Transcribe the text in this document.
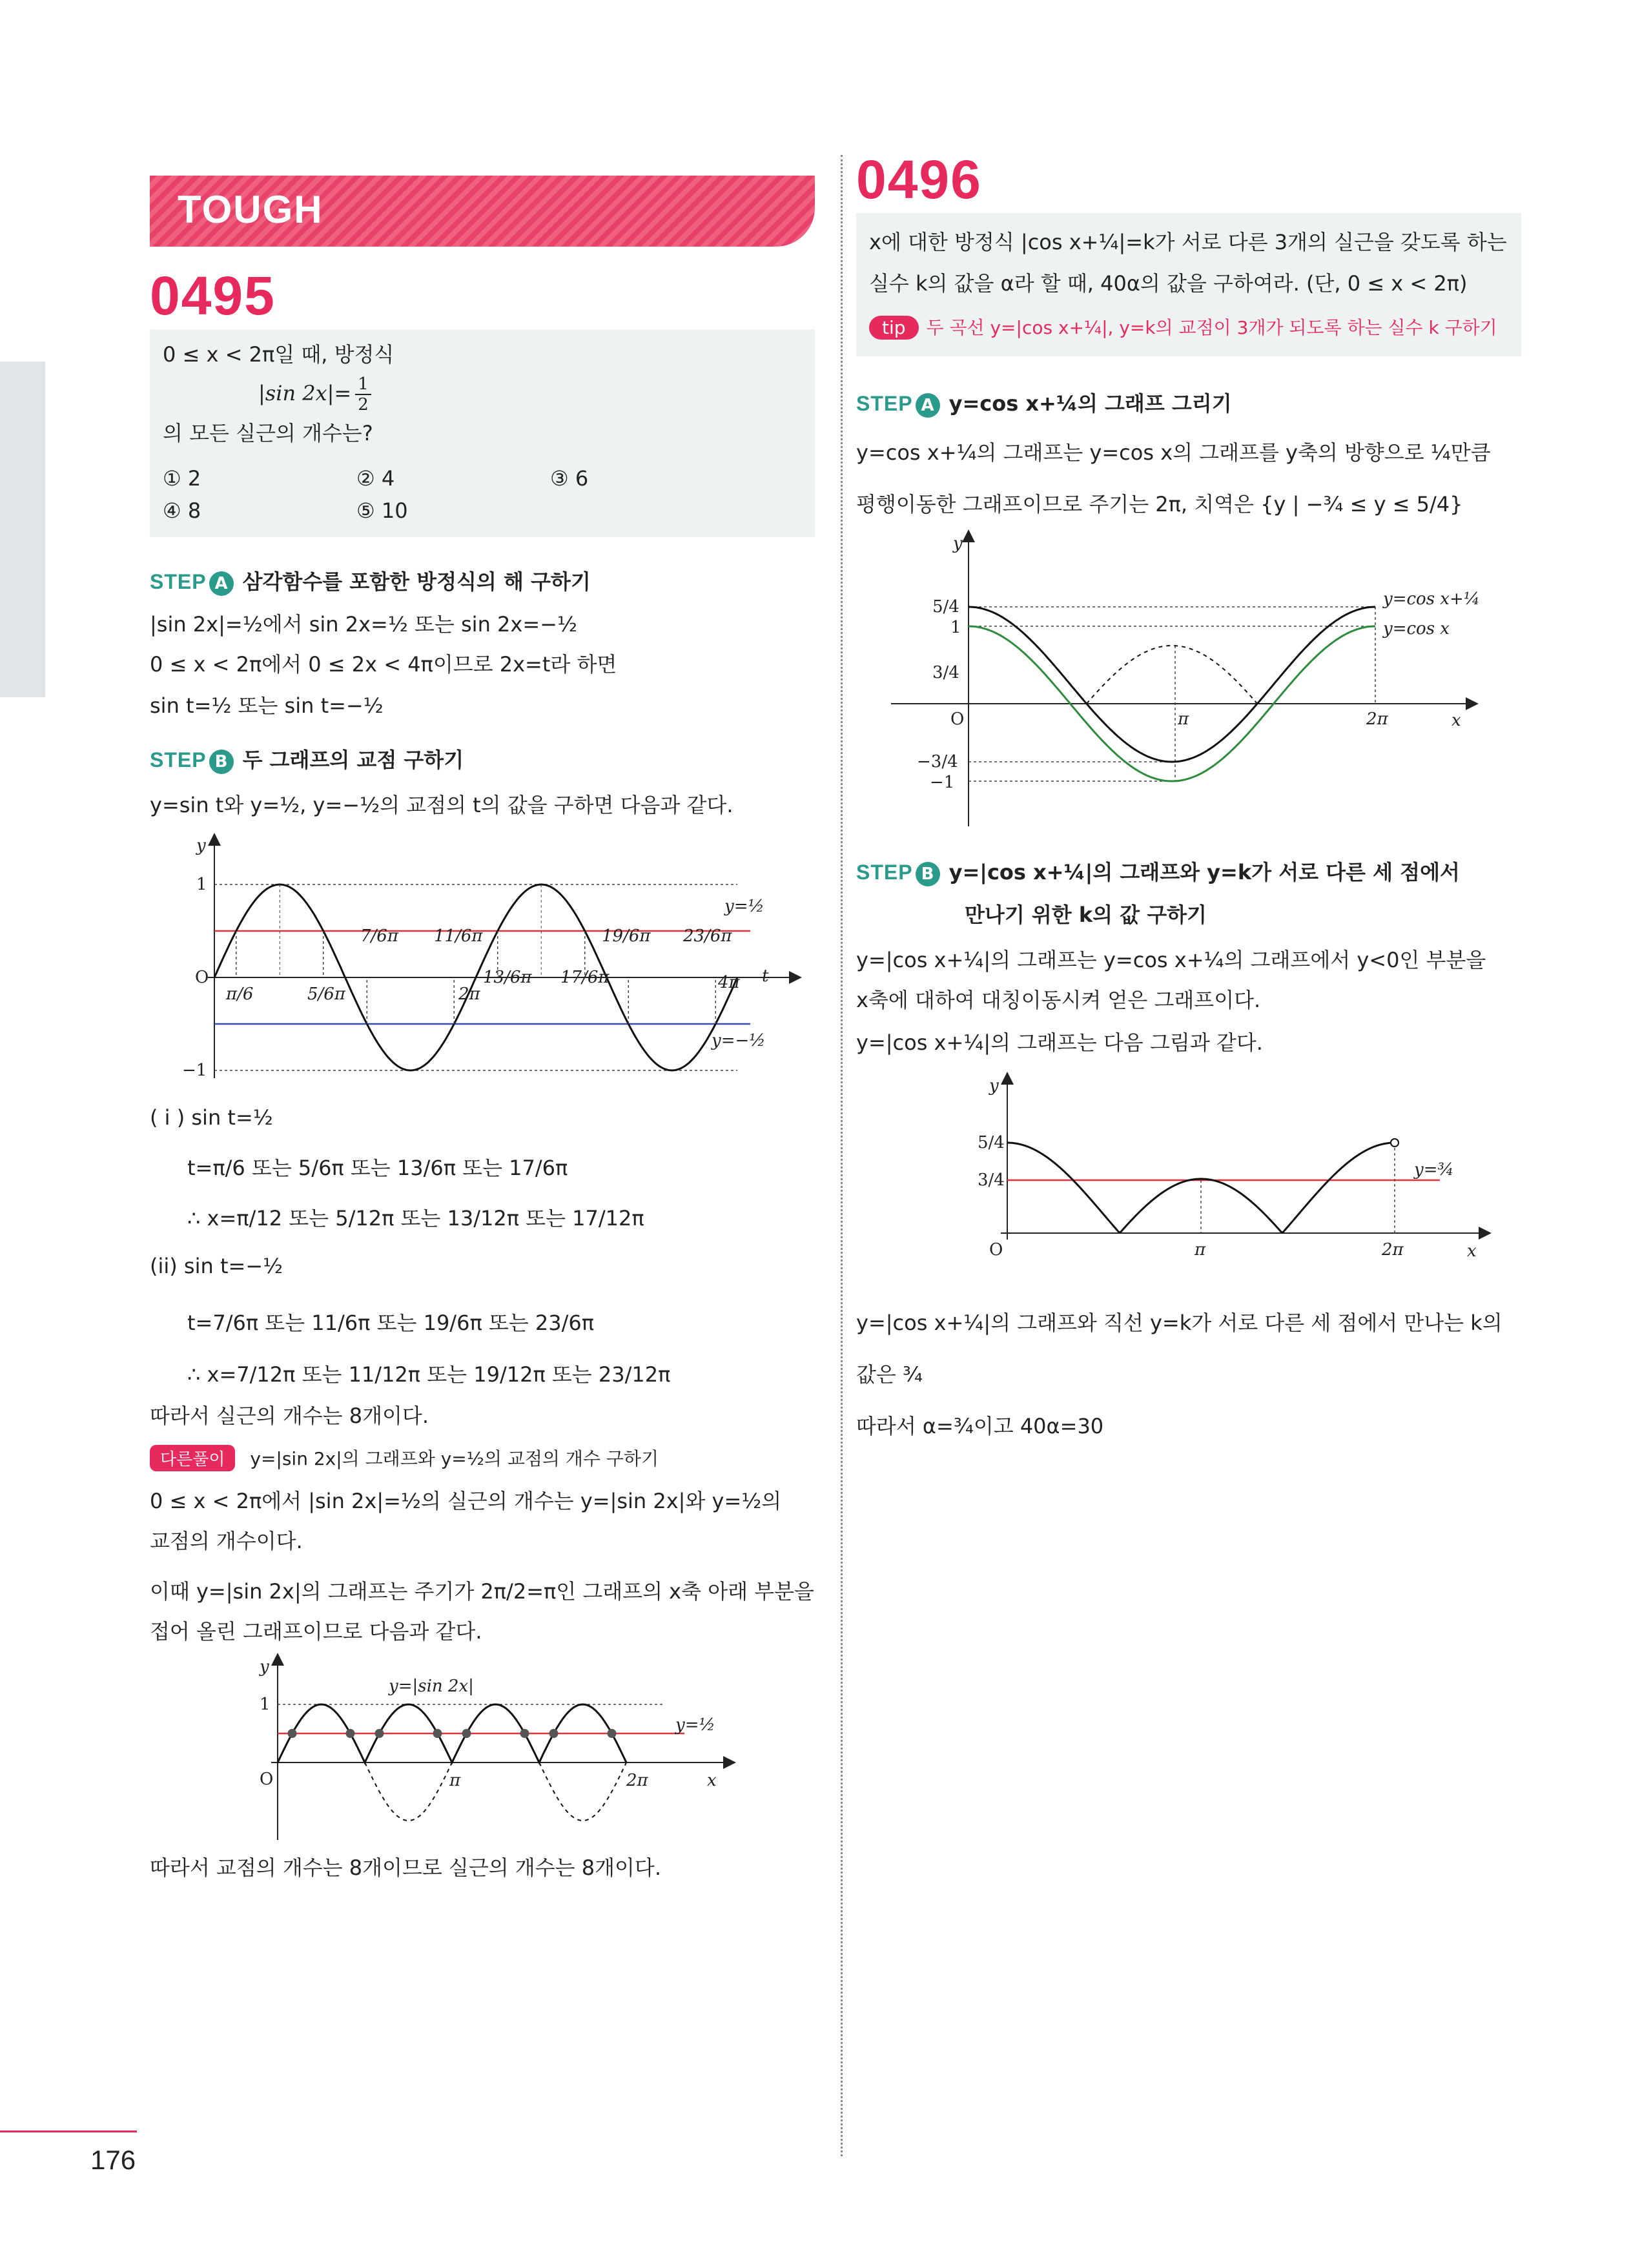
176
TOUGH
0495
0 ≤ x < 2π일 때, 방정식
|sin $2x|= \frac{1}{2}$
의 모든 실근의 개수는?
① 2	② 4	③ 6
④ 8	⑤ 10
STEP A 삼각함수를 포함한 방정식의 해 구하기
|sin 2x|=½에서 sin 2x=½ 또는 sin 2x=−½
0 ≤ x < 2π에서 0 ≤ 2x < 4π이므로 2x=t라 하면
sin t=½ 또는 sin t=−½
STEP B 두 그래프의 교점 구하기
y=sin t와 y=½, y=−½의 교점의 t의 값을 구하면 다음과 같다.
y
t
O
1
−1
y=½
y=−½
7/6π 11/6π	19/6π 23/6π
π/6	5/6π	2π
13/6π 17/6π	4π
( i ) sin t=½
t=π/6 또는 5/6π 또는 13/6π 또는 17/6π
∴ x=π/12 또는 5/12π 또는 13/12π 또는 17/12π
(ii) sin t=−½
t=7/6π 또는 11/6π 또는 19/6π 또는 23/6π
∴ x=7/12π 또는 11/12π 또는 19/12π 또는 23/12π
따라서 실근의 개수는 8개이다.
다른풀이 y=|sin 2x|의 그래프와 y=½의 교점의 개수 구하기
0 ≤ x < 2π에서 |sin 2x|=½의 실근의 개수는 y=|sin 2x|와 y=½의
교점의 개수이다.
이때 y=|sin 2x|의 그래프는 주기가 2π/2=π인 그래프의 x축 아래 부분을
접어 올린 그래프이므로 다음과 같다.
y
x
O
1
y=|sin 2x|
y=½
π	2π
따라서 교점의 개수는 8개이므로 실근의 개수는 8개이다.
0496
x에 대한 방정식 |cos x+¼|=k가 서로 다른 3개의 실근을 갖도록 하는
실수 k의 값을 α라 할 때, 40α의 값을 구하여라. (단, 0 ≤ x < 2π)
tip 두 곡선 y=|cos x+¼|, y=k의 교점이 3개가 되도록 하는 실수 k 구하기
STEP A y=cos x+¼의 그래프 그리기
y=cos x+¼의 그래프는 y=cos x의 그래프를 y축의 방향으로 ¼만큼
평행이동한 그래프이므로 주기는 2π, 치역은 {y | −¾ ≤ y ≤ 5/4}
y
x
O
5/4
1
3/4
−3/4
−1
π	2π
y=cos x+¼
y=cos x
STEP B y=|cos x+¼|의 그래프와 y=k가 서로 다른 세 점에서
만나기 위한 k의 값 구하기
y=|cos x+¼|의 그래프는 y=cos x+¼의 그래프에서 y<0인 부분을
x축에 대하여 대칭이동시켜 얻은 그래프이다.
y=|cos x+¼|의 그래프는 다음 그림과 같다.
y
x
O
5/4
3/4
π	2π
y=¾
y=|cos x+¼|의 그래프와 직선 y=k가 서로 다른 세 점에서 만나는 k의
값은 ¾
따라서 α=¾이고 40α=30
